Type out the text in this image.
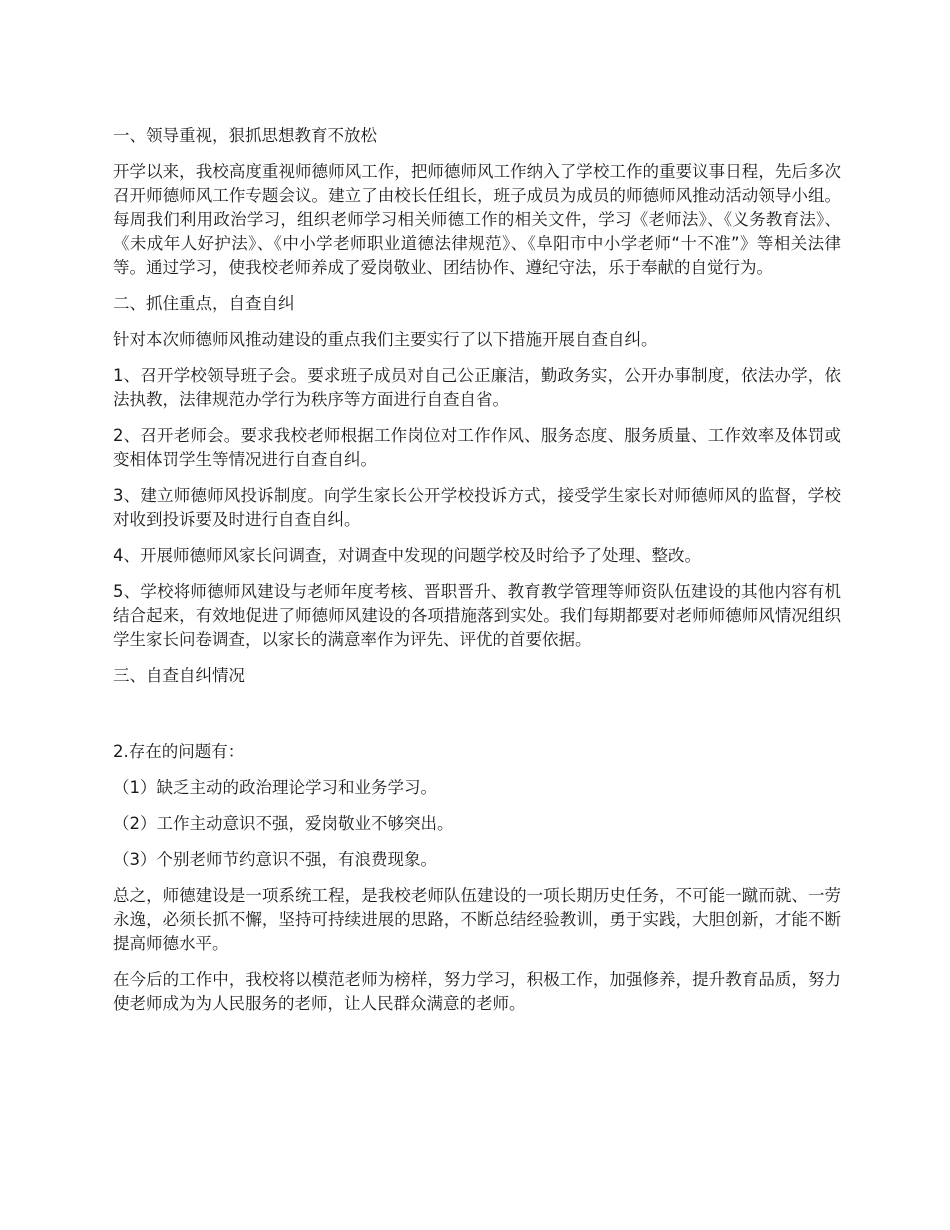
一、领导重视，狠抓思想教育不放松

开学以来，我校高度重视师德师风工作，把师德师风工作纳入了学校工作的重要议事日程，先后多次召开师德师风工作专题会议。建立了由校长任组长，班子成员为成员的师德师风推动活动领导小组。每周我们利用政治学习，组织老师学习相关师德工作的相关文件，学习《老师法》、《义务教育法》、《未成年人好护法》、《中小学老师职业道德法律规范》、《阜阳市中小学老师“十不准”》等相关法律等。通过学习，使我校老师养成了爱岗敬业、团结协作、遵纪守法，乐于奉献的自觉行为。

二、抓住重点，自查自纠

针对本次师德师风推动建设的重点我们主要实行了以下措施开展自查自纠。

1、召开学校领导班子会。要求班子成员对自己公正廉洁，勤政务实，公开办事制度，依法办学，依法执教，法律规范办学行为秩序等方面进行自查自省。

2、召开老师会。要求我校老师根据工作岗位对工作作风、服务态度、服务质量、工作效率及体罚或变相体罚学生等情况进行自查自纠。

3、建立师德师风投诉制度。向学生家长公开学校投诉方式，接受学生家长对师德师风的监督，学校对收到投诉要及时进行自查自纠。

4、开展师德师风家长问调查，对调查中发现的问题学校及时给予了处理、整改。

5、学校将师德师风建设与老师年度考核、晋职晋升、教育教学管理等师资队伍建设的其他内容有机结合起来，有效地促进了师德师风建设的各项措施落到实处。我们每期都要对老师师德师风情况组织学生家长问卷调查，以家长的满意率作为评先、评优的首要依据。

三、自查自纠情况

2.存在的问题有：

（1）缺乏主动的政治理论学习和业务学习。

（2）工作主动意识不强，爱岗敬业不够突出。

（3）个别老师节约意识不强，有浪费现象。

总之，师德建设是一项系统工程，是我校老师队伍建设的一项长期历史任务，不可能一蹴而就、一劳永逸，必须长抓不懈，坚持可持续进展的思路，不断总结经验教训，勇于实践，大胆创新，才能不断提高师德水平。

在今后的工作中，我校将以模范老师为榜样，努力学习，积极工作，加强修养，提升教育品质，努力使老师成为为人民服务的老师，让人民群众满意的老师。
